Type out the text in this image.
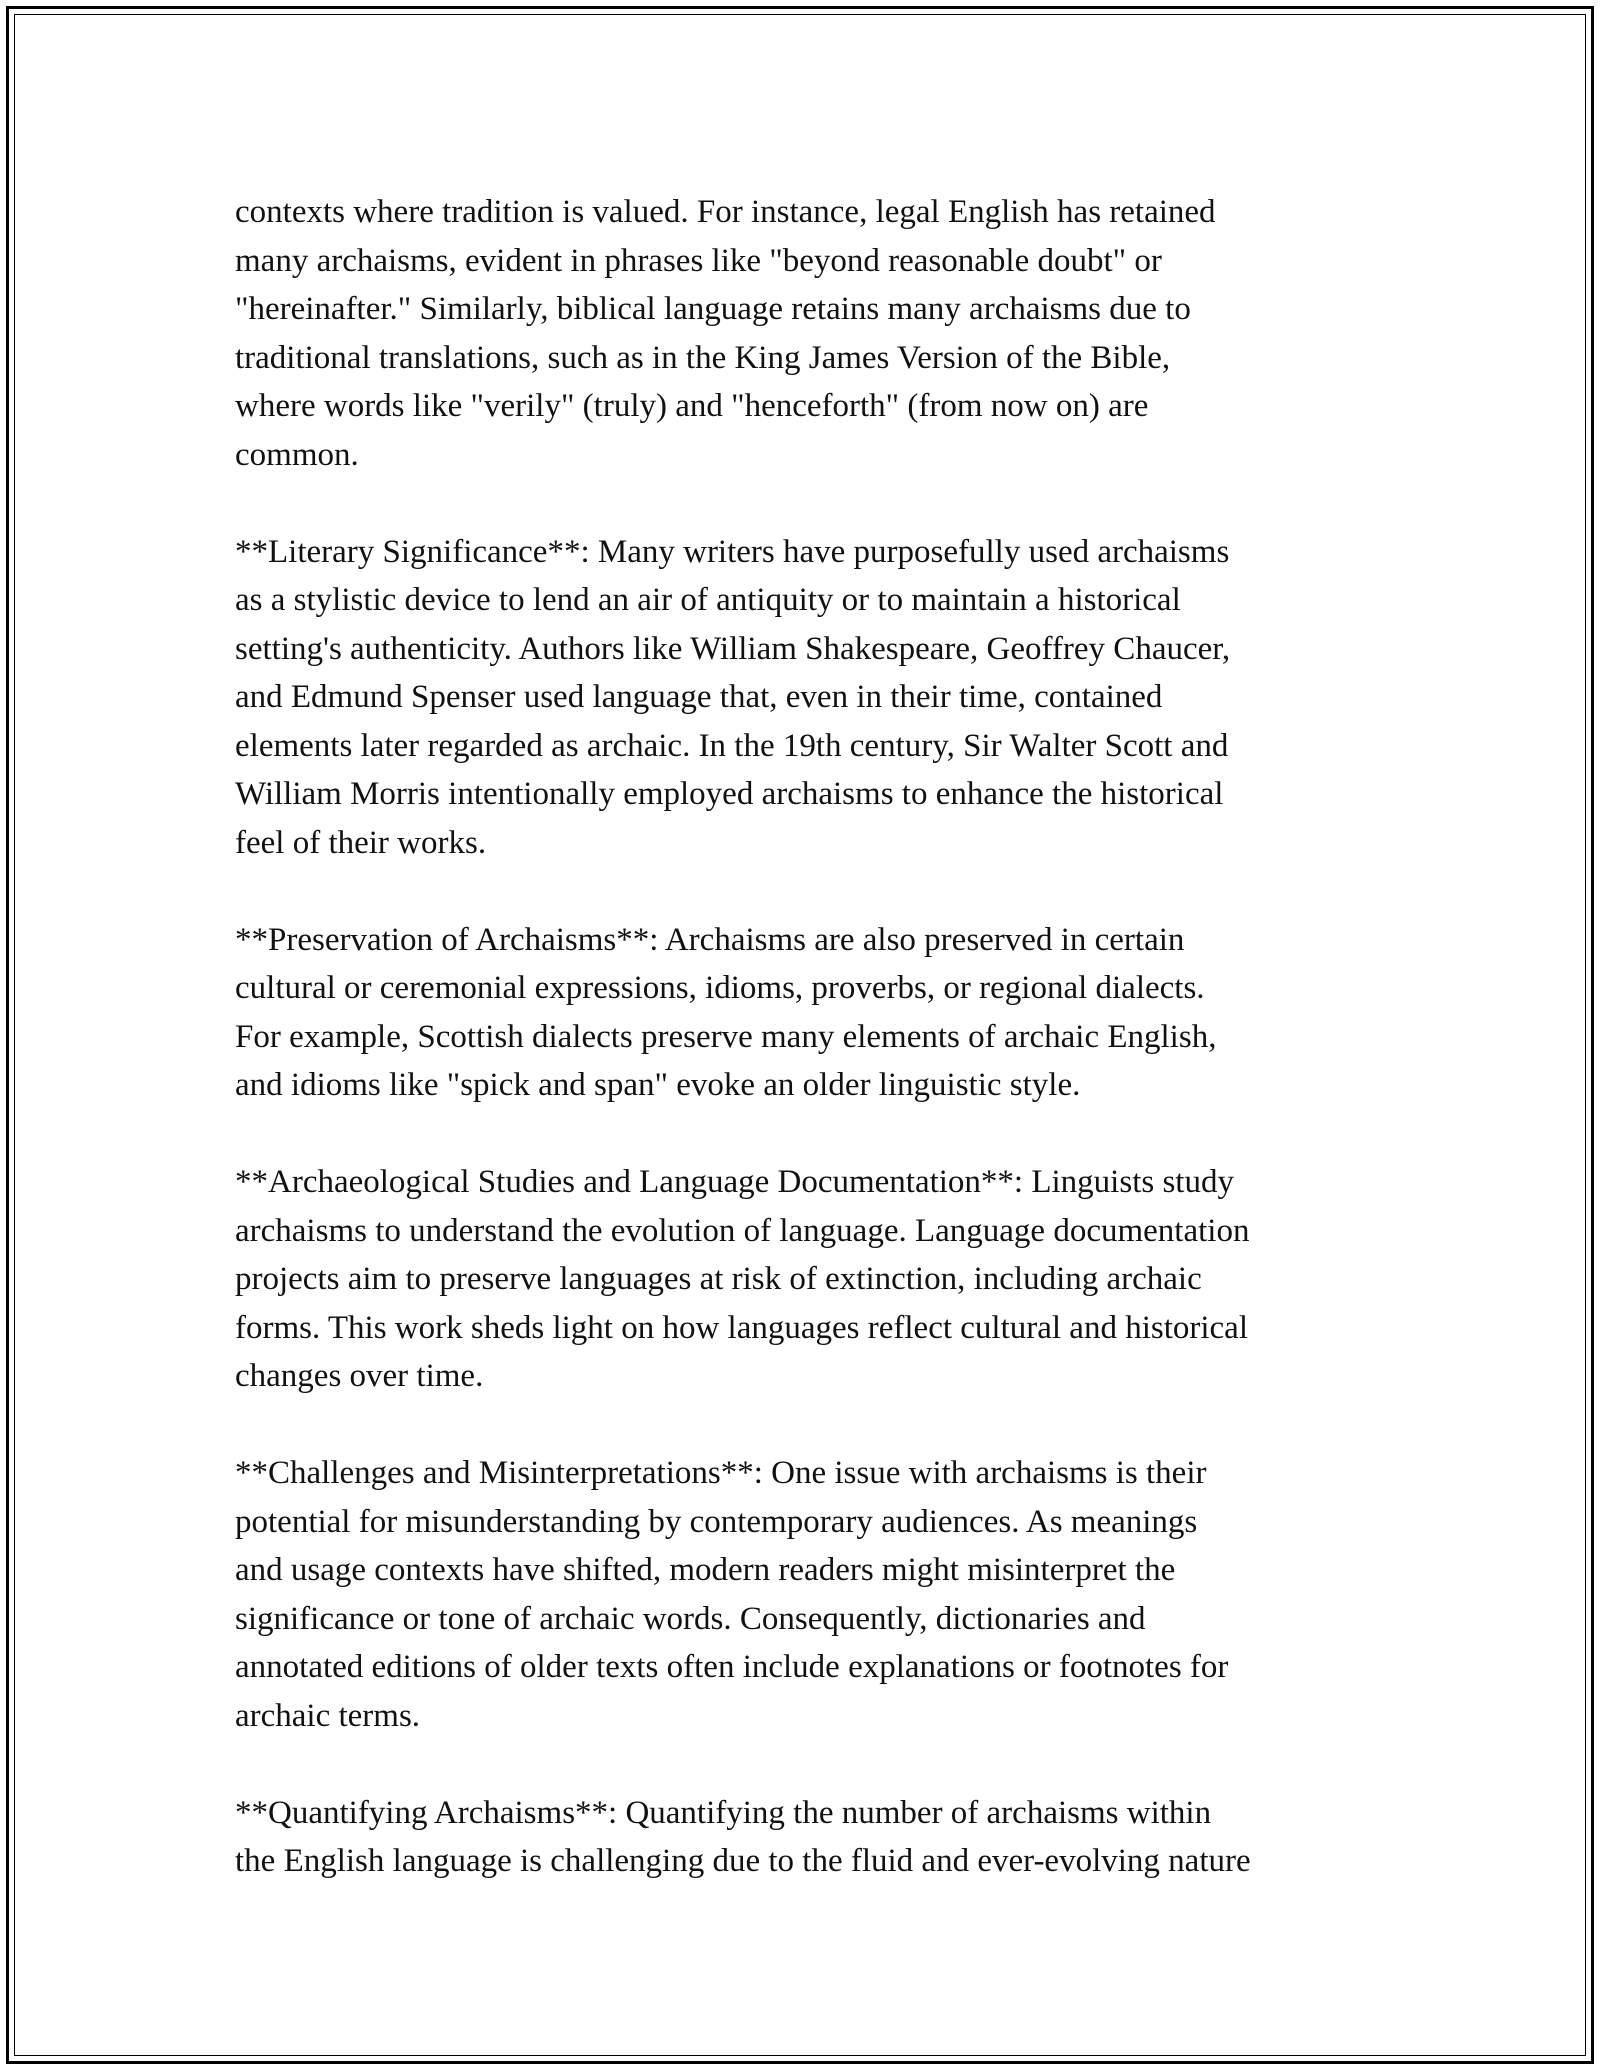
contexts where tradition is valued. For instance, legal English has retained
many archaisms, evident in phrases like "beyond reasonable doubt" or
"hereinafter." Similarly, biblical language retains many archaisms due to
traditional translations, such as in the King James Version of the Bible,
where words like "verily" (truly) and "henceforth" (from now on) are
common.

**Literary Significance**: Many writers have purposefully used archaisms
as a stylistic device to lend an air of antiquity or to maintain a historical
setting's authenticity. Authors like William Shakespeare, Geoffrey Chaucer,
and Edmund Spenser used language that, even in their time, contained
elements later regarded as archaic. In the 19th century, Sir Walter Scott and
William Morris intentionally employed archaisms to enhance the historical
feel of their works.

**Preservation of Archaisms**: Archaisms are also preserved in certain
cultural or ceremonial expressions, idioms, proverbs, or regional dialects.
For example, Scottish dialects preserve many elements of archaic English,
and idioms like "spick and span" evoke an older linguistic style.

**Archaeological Studies and Language Documentation**: Linguists study
archaisms to understand the evolution of language. Language documentation
projects aim to preserve languages at risk of extinction, including archaic
forms. This work sheds light on how languages reflect cultural and historical
changes over time.

**Challenges and Misinterpretations**: One issue with archaisms is their
potential for misunderstanding by contemporary audiences. As meanings
and usage contexts have shifted, modern readers might misinterpret the
significance or tone of archaic words. Consequently, dictionaries and
annotated editions of older texts often include explanations or footnotes for
archaic terms.

**Quantifying Archaisms**: Quantifying the number of archaisms within
the English language is challenging due to the fluid and ever-evolving nature
